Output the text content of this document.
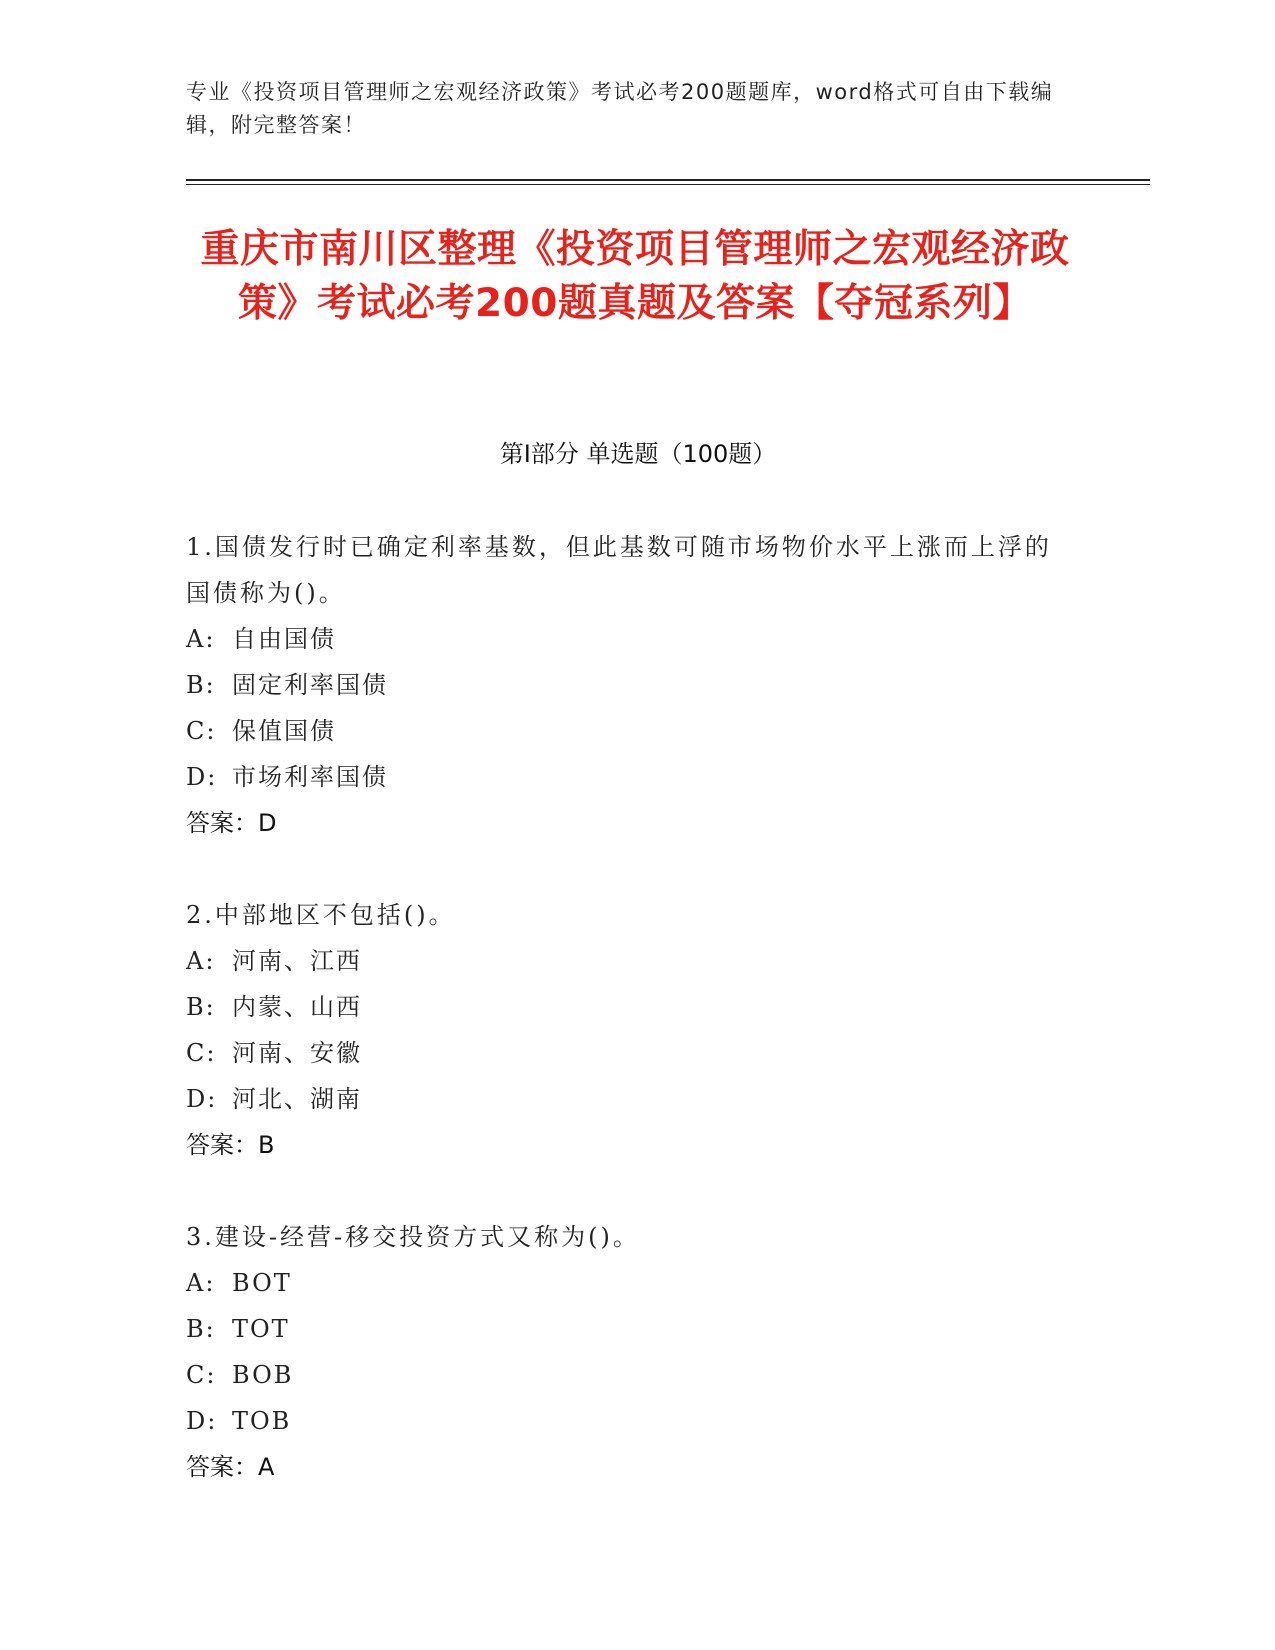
专业《投资项目管理师之宏观经济政策》考试必考200题题库，word格式可自由下载编辑，附完整答案！
重庆市南川区整理《投资项目管理师之宏观经济政策》考试必考200题真题及答案【夺冠系列】
第I部分 单选题（100题）
1.国债发行时已确定利率基数，但此基数可随市场物价水平上涨而上浮的国债称为()。
A: 自由国债
B: 固定利率国债
C: 保值国债
D: 市场利率国债
答案：D
2.中部地区不包括()。
A: 河南、江西
B: 内蒙、山西
C: 河南、安徽
D: 河北、湖南
答案：B
3.建设-经营-移交投资方式又称为()。
A: BOT
B: TOT
C: BOB
D: TOB
答案：A
